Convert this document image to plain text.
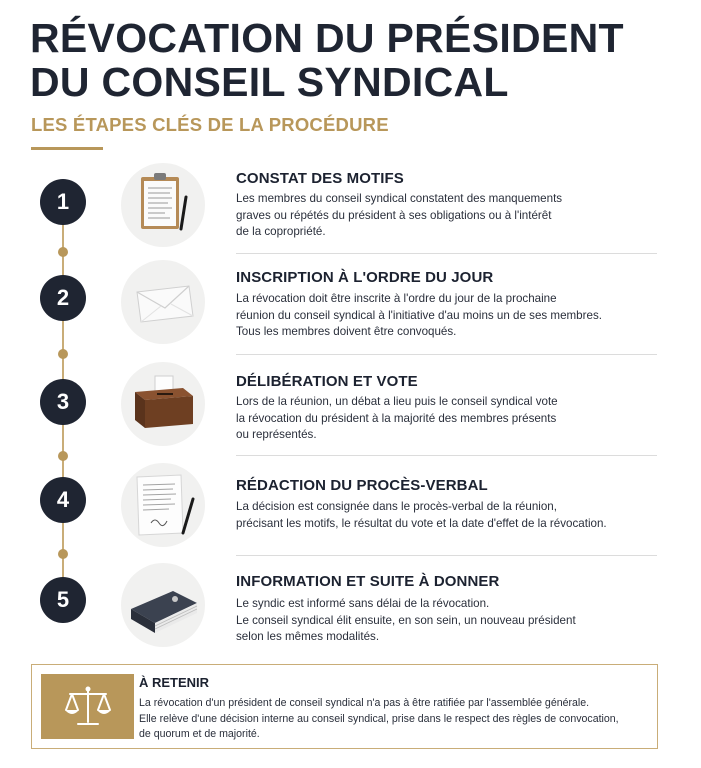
RÉVOCATION DU PRÉSIDENT
DU CONSEIL SYNDICAL
LES ÉTAPES CLÉS DE LA PROCÉDURE
1
CONSTAT DES MOTIFS
Les membres du conseil syndical constatent des manquements
graves ou répétés du président à ses obligations ou à l'intérêt
de la copropriété.
2
INSCRIPTION À L'ORDRE DU JOUR
La révocation doit être inscrite à l'ordre du jour de la prochaine
réunion du conseil syndical à l'initiative d'au moins un de ses membres.
Tous les membres doivent être convoqués.
3
DÉLIBÉRATION ET VOTE
Lors de la réunion, un débat a lieu puis le conseil syndical vote
la révocation du président à la majorité des membres présents
ou représentés.
4
RÉDACTION DU PROCÈS-VERBAL
La décision est consignée dans le procès-verbal de la réunion,
précisant les motifs, le résultat du vote et la date d'effet de la révocation.
5
INFORMATION ET SUITE À DONNER
Le syndic est informé sans délai de la révocation.
Le conseil syndical élit ensuite, en son sein, un nouveau président
selon les mêmes modalités.
À RETENIR
La révocation d'un président de conseil syndical n'a pas à être ratifiée par l'assemblée générale.
Elle relève d'une décision interne au conseil syndical, prise dans le respect des règles de convocation,
de quorum et de majorité.
